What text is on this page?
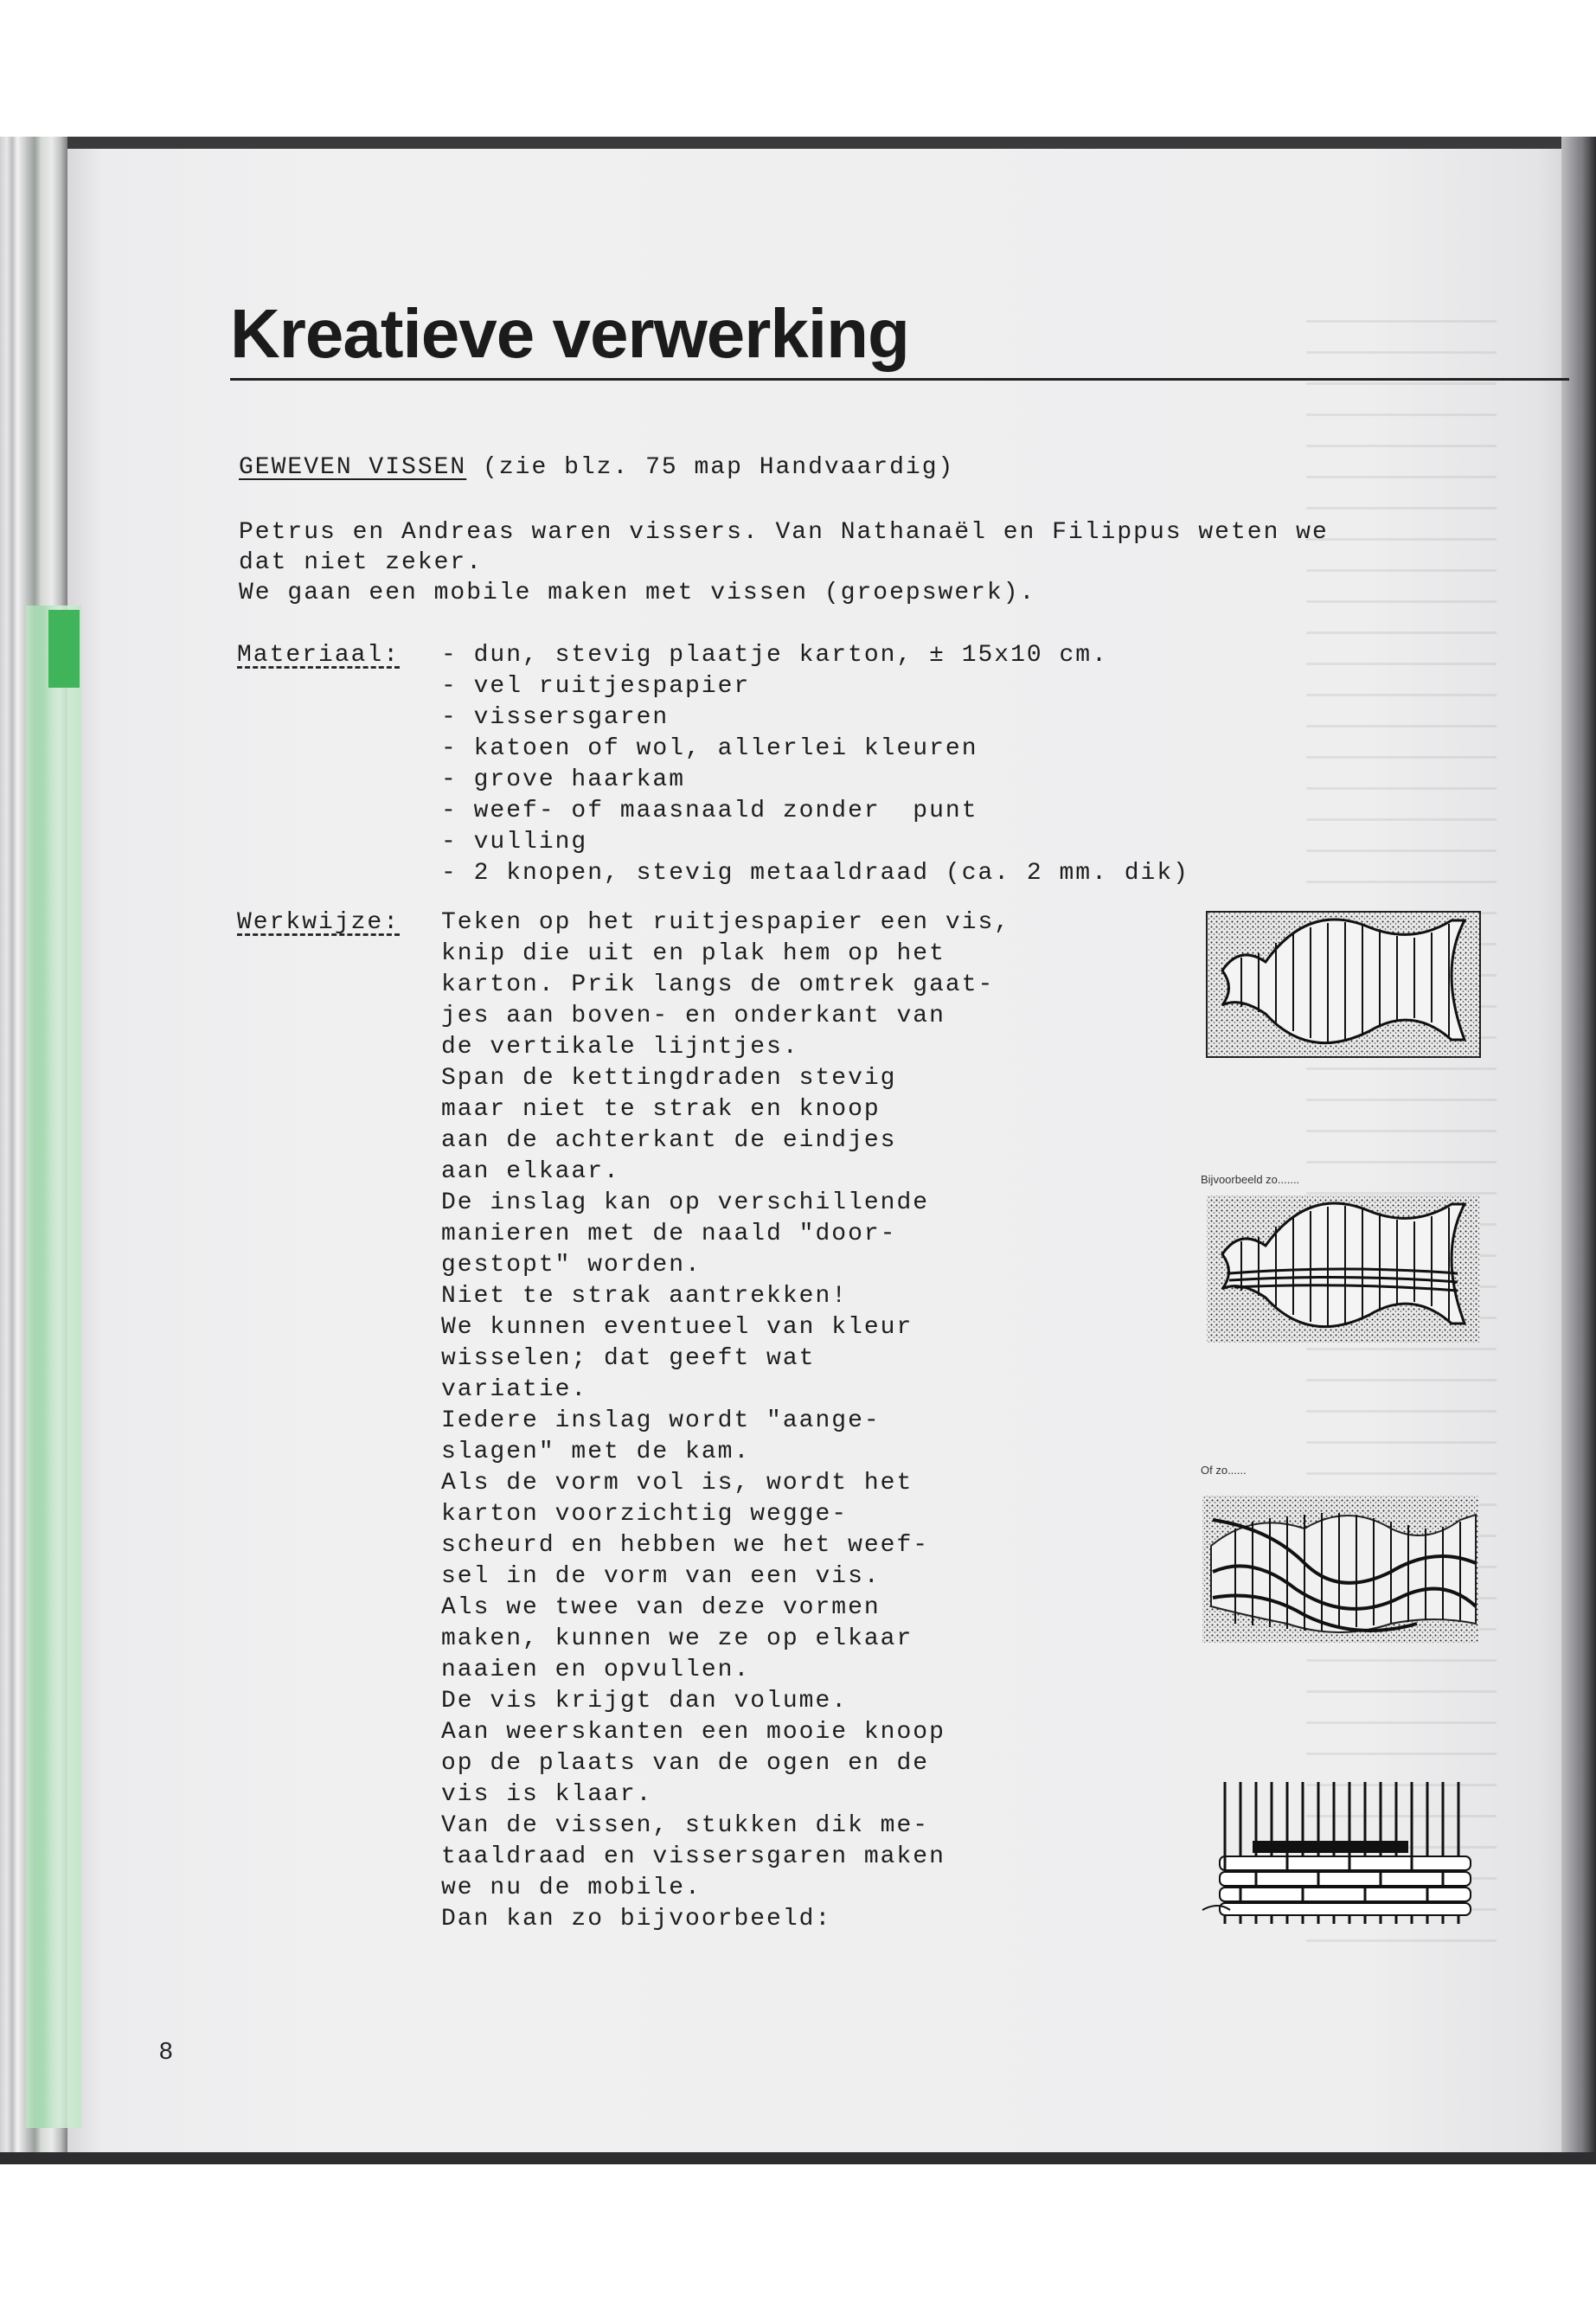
Kreatieve verwerking
GEWEVEN VISSEN (zie blz. 75 map Handvaardig)
Petrus en Andreas waren vissers. Van Nathanaël en Filippus weten we
dat niet zeker.
We gaan een mobile maken met vissen (groepswerk).
Materiaal: - dun, stevig plaatje karton, ± 15x10 cm.
- vel ruitjespapier
- vissersgaren
- katoen of wol, allerlei kleuren
- grove haarkam
- weef- of maasnaald zonder  punt
- vulling
- 2 knopen, stevig metaaldraad (ca. 2 mm. dik)
Werkwijze: Teken op het ruitjespapier een vis,
knip die uit en plak hem op het
karton. Prik langs de omtrek gaat-
jes aan boven- en onderkant van
de vertikale lijntjes.
Span de kettingdraden stevig
maar niet te strak en knoop
aan de achterkant de eindjes
aan elkaar.
De inslag kan op verschillende
manieren met de naald "door-
gestopt" worden.
Niet te strak aantrekken!
We kunnen eventueel van kleur
wisselen; dat geeft wat
variatie.
Iedere inslag wordt "aange-
slagen" met de kam.
Als de vorm vol is, wordt het
karton voorzichtig wegge-
scheurd en hebben we het weef-
sel in de vorm van een vis.
Als we twee van deze vormen
maken, kunnen we ze op elkaar
naaien en opvullen.
De vis krijgt dan volume.
Aan weerskanten een mooie knoop
op de plaats van de ogen en de
vis is klaar.
Van de vissen, stukken dik me-
taaldraad en vissersgaren maken
we nu de mobile.
Dan kan zo bijvoorbeeld:
Bijvoorbeeld zo.......
Of zo......
8
